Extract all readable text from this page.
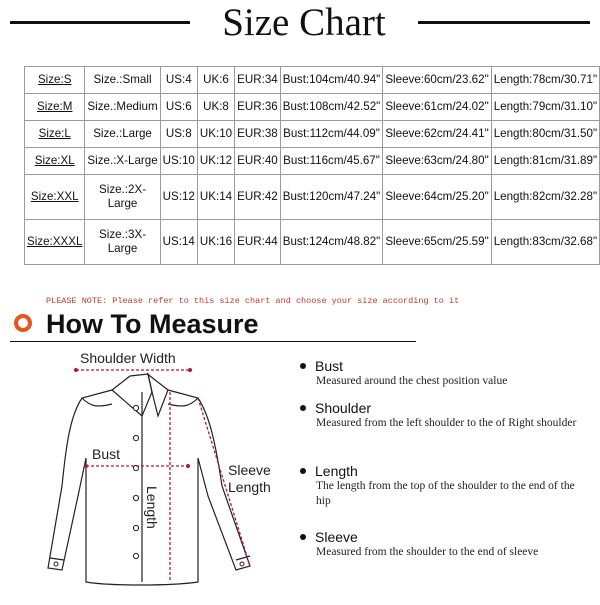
Size Chart
Size:S	Size.:Small	US:4	UK:6	EUR:34	Bust:104cm/40.94"	Sleeve:60cm/23.62"	Length:78cm/30.71"
Size:M	Size.:Medium	US:6	UK:8	EUR:36	Bust:108cm/42.52"	Sleeve:61cm/24.02"	Length:79cm/31.10"
Size:L	Size.:Large	US:8	UK:10	EUR:38	Bust:112cm/44.09"	Sleeve:62cm/24.41"	Length:80cm/31.50"
Size:XL	Size.:X-Large	US:10	UK:12	EUR:40	Bust:116cm/45.67"	Sleeve:63cm/24.80"	Length:81cm/31.89"
Size:XXL	Size.:2X-Large	US:12	UK:14	EUR:42	Bust:120cm/47.24"	Sleeve:64cm/25.20"	Length:82cm/32.28"
Size:XXXL	Size.:3X-Large	US:14	UK:16	EUR:44	Bust:124cm/48.82"	Sleeve:65cm/25.59"	Length:83cm/32.68"
PLEASE NOTE: Please refer to this size chart and choose your size according to it
How To Measure
Shoulder Width
Bust
Sleeve
Length
Length
Bust
Measured around the chest position value
Shoulder
Measured from the left shoulder to the of Right shoulder
Length
The length from the top of the shoulder to the end of the hip
Sleeve
Measured from the shoulder to the end of sleeve
